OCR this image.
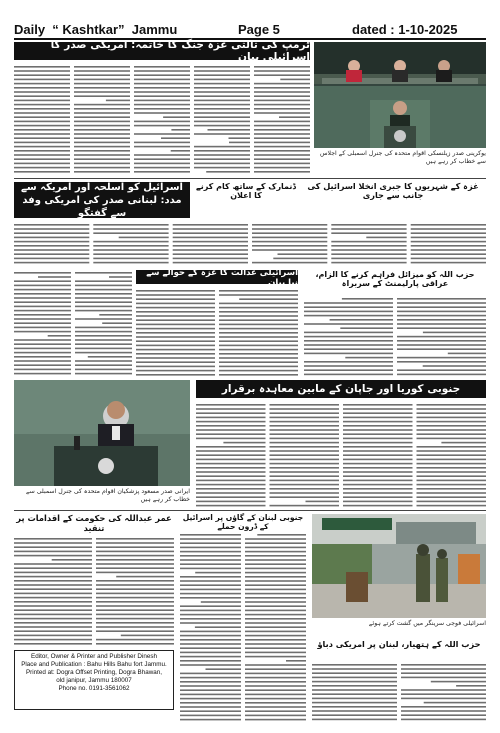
Daily  “ Kashtkar”  Jammu	Page 5	dated : 1-10-2025
ٹرمپ کی ثالثی غزہ جنگ کا خاتمہ: امریکی صدر کا اسرائیلی بیان
یوکرینی صدر زیلنسکی اقوام متحدہ کی جنرل اسمبلی کے اجلاس سے خطاب کر رہے ہیں
اسرائیل کو اسلحہ اور امریکہ سے مدد: لبنانی صدر کی امریکی وفد سے گفتگو
غزہ کے شہریوں کا جبری انخلا اسرائیل کی جانب سے جاری
ڈنمارک کے ساتھ کام کرنے کا اعلان
حزب اللہ کو میزائل فراہم کرنے کا الزام، عراقی پارلیمنٹ کے سربراہ
اسرائیلی عدالت کا غزہ کے حوالے سے نیا بیان
ایرانی صدر مسعود پزشکیان اقوام متحدہ کی جنرل اسمبلی سے خطاب کر رہے ہیں
جنوبی کوریا اور جاپان کے مابین معاہدہ برقرار
عمر عبداللہ کی حکومت کے اقدامات پر تنقید
جنوبی لبنان کے گاؤں پر اسرائیل کے ڈرون حملے
اسرائیلی فوجی سرینگر میں گشت کرتے ہوئے
حزب اللہ کے ہتھیار، لبنان پر امریکی دباؤ
Editor, Owner & Printer and Publisher Dinesh
Place and Publication : Bahu Hills Bahu fort Jammu.
Printed at: Dogra Offset Printing, Dogra Bhawan,
old janipur, Jammu 180007
Phone no. 0191-3561062
